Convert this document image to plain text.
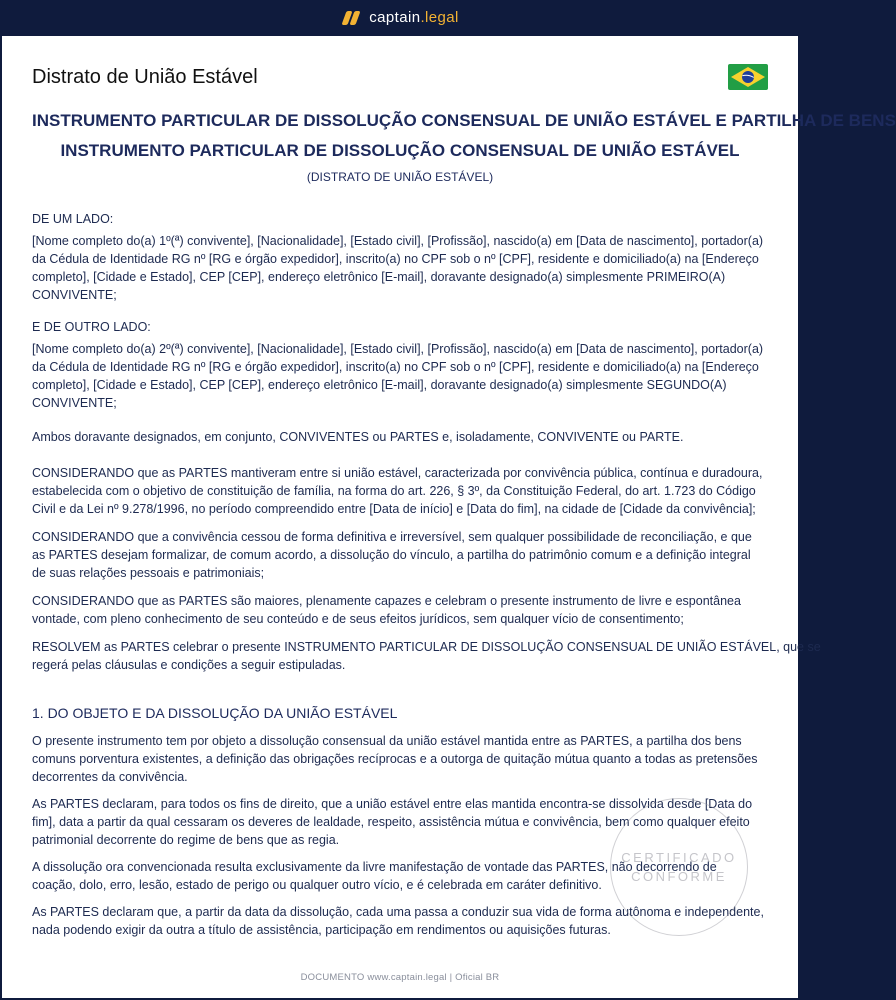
captain.legal
Distrato de União Estável
INSTRUMENTO PARTICULAR DE DISSOLUÇÃO CONSENSUAL DE UNIÃO ESTÁVEL E PARTILHA DE BENS
INSTRUMENTO PARTICULAR DE DISSOLUÇÃO CONSENSUAL DE UNIÃO ESTÁVEL
(DISTRATO DE UNIÃO ESTÁVEL)
DE UM LADO:

[Nome completo do(a) 1º(ª) convivente], [Nacionalidade], [Estado civil], [Profissão], nascido(a) em [Data de nascimento], portador(a) da Cédula de Identidade RG nº [RG e órgão expedidor], inscrito(a) no CPF sob o nº [CPF], residente e domiciliado(a) na [Endereço completo], [Cidade e Estado], CEP [CEP], endereço eletrônico [E-mail], doravante designado(a) simplesmente PRIMEIRO(A) CONVIVENTE;

E DE OUTRO LADO:

[Nome completo do(a) 2º(ª) convivente], [Nacionalidade], [Estado civil], [Profissão], nascido(a) em [Data de nascimento], portador(a) da Cédula de Identidade RG nº [RG e órgão expedidor], inscrito(a) no CPF sob o nº [CPF], residente e domiciliado(a) na [Endereço completo], [Cidade e Estado], CEP [CEP], endereço eletrônico [E-mail], doravante designado(a) simplesmente SEGUNDO(A) CONVIVENTE;

Ambos doravante designados, em conjunto, CONVIVENTES ou PARTES e, isoladamente, CONVIVENTE ou PARTE.

CONSIDERANDO que as PARTES mantiveram entre si união estável, caracterizada por convivência pública, contínua e duradoura, estabelecida com o objetivo de constituição de família, na forma do art. 226, § 3º, da Constituição Federal, do art. 1.723 do Código Civil e da Lei nº 9.278/1996, no período compreendido entre [Data de início] e [Data do fim], na cidade de [Cidade da convivência];

CONSIDERANDO que a convivência cessou de forma definitiva e irreversível, sem qualquer possibilidade de reconciliação, e que as PARTES desejam formalizar, de comum acordo, a dissolução do vínculo, a partilha do patrimônio comum e a definição integral de suas relações pessoais e patrimoniais;

CONSIDERANDO que as PARTES são maiores, plenamente capazes e celebram o presente instrumento de livre e espontânea
vontade, com pleno conhecimento de seu conteúdo e de seus efeitos jurídicos, sem qualquer vício de consentimento;
RESOLVEM as PARTES celebrar o presente INSTRUMENTO PARTICULAR DE DISSOLUÇÃO CONSENSUAL DE UNIÃO ESTÁVEL, que se
regerá pelas cláusulas e condições a seguir estipuladas.
1. DO OBJETO E DA DISSOLUÇÃO DA UNIÃO ESTÁVEL

O presente instrumento tem por objeto a dissolução consensual da união estável mantida entre as PARTES, a partilha dos bens comuns porventura existentes, a definição das obrigações recíprocas e a outorga de quitação mútua quanto a todas as pretensões decorrentes da convivência.

As PARTES declaram, para todos os fins de direito, que a união estável entre elas mantida encontra-se dissolvida desde [Data do fim], data a partir da qual cessaram os deveres de lealdade, respeito, assistência mútua e convivência, bem como qualquer efeito patrimonial decorrente do regime de bens que as regia.

A dissolução ora convencionada resulta exclusivamente da livre manifestação de vontade das PARTES, não decorrendo de
coação, dolo, erro, lesão, estado de perigo ou qualquer outro vício, e é celebrada em caráter definitivo.

As PARTES declaram que, a partir da data da dissolução, cada uma passa a conduzir sua vida de forma autônoma e independente, nada podendo exigir da outra a título de assistência, participação em rendimentos ou aquisições futuras.

CERTIFICADO
CONFORME
DOCUMENTO www.captain.legal | Oficial BR
